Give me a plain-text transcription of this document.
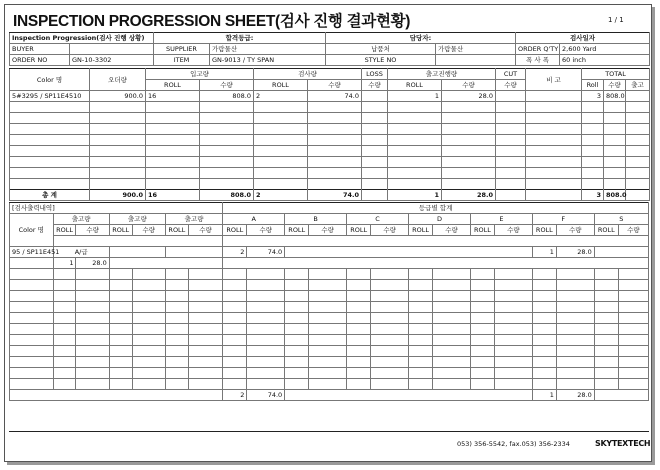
INSPECTION PROGRESSION SHEET(검사 진행 결과현황)	1 / 1
Inspection Progression(검사 진행 상황)		합격등급:		담당자:		검사일자	
BUYER		SUPPLIER	가람물산	납품처	가람물산	ORDER Q'TY	2,600 Yard
ORDER NO	GN-10-3302	ITEM	GN-9013 / TY SPAN	STYLE NO		폭 사 폭	60 inch
Color 명	오더량	입고량		검사량		LOSS	출고진행량		CUT	비 고	TOTAL		
		ROLL	수량	ROLL	수량	수량	ROLL	수량	수량		Roll	수량	출고
5#3295 / SP11E4510	900.0	16	808.0	2	74.0		1	28.0			3	808.0	

총 계	900.0	16	808.0	2	74.0		1	28.0			3	808.0	
[검사출력내역]							등급별 합계													
Color 명	출고량		출고량		출고량		A		B		C		D		E		F		S	
	ROLL	수량	ROLL	수량	ROLL	수량	ROLL	수량	ROLL	수량	ROLL	수량	ROLL	수량	ROLL	수량	ROLL	수량	ROLL	수량

95 / SP11E451	A/급						2	74.0									1	28.0		
	1	28.0																		

							2	74.0									1	28.0		
053) 356-5542, fax.053) 356-2334	SKYTEXTECH
